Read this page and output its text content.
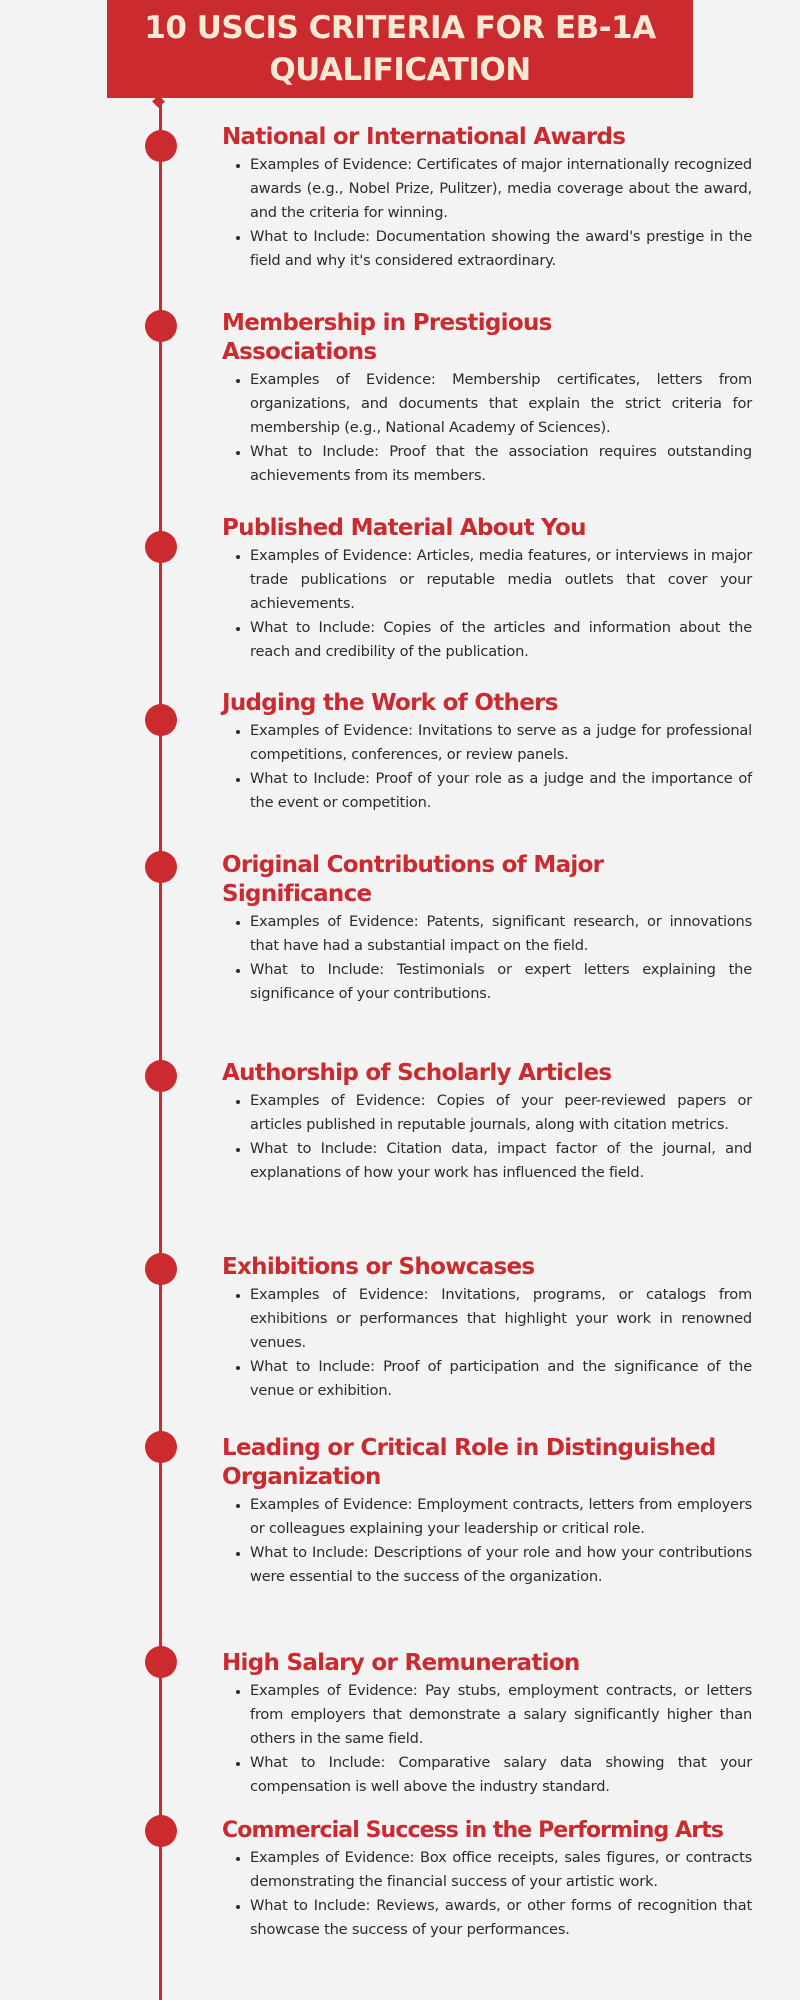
10 USCIS CRITERIA FOR EB-1A QUALIFICATION
National or International Awards
• Examples of Evidence: Certificates of major internationally recognized awards (e.g., Nobel Prize, Pulitzer), media coverage about the award, and the criteria for winning.
• What to Include: Documentation showing the award's prestige in the field and why it's considered extraordinary.
Membership in Prestigious Associations
• Examples of Evidence: Membership certificates, letters from organizations, and documents that explain the strict criteria for membership (e.g., National Academy of Sciences).
• What to Include: Proof that the association requires outstanding achievements from its members.
Published Material About You
• Examples of Evidence: Articles, media features, or interviews in major trade publications or reputable media outlets that cover your achievements.
• What to Include: Copies of the articles and information about the reach and credibility of the publication.
Judging the Work of Others
• Examples of Evidence: Invitations to serve as a judge for professional competitions, conferences, or review panels.
• What to Include: Proof of your role as a judge and the importance of the event or competition.
Original Contributions of Major Significance
• Examples of Evidence: Patents, significant research, or innovations that have had a substantial impact on the field.
• What to Include: Testimonials or expert letters explaining the significance of your contributions.
Authorship of Scholarly Articles
• Examples of Evidence: Copies of your peer-reviewed papers or articles published in reputable journals, along with citation metrics.
• What to Include: Citation data, impact factor of the journal, and explanations of how your work has influenced the field.
Exhibitions or Showcases
• Examples of Evidence: Invitations, programs, or catalogs from exhibitions or performances that highlight your work in renowned venues.
• What to Include: Proof of participation and the significance of the venue or exhibition.
Leading or Critical Role in Distinguished Organization
• Examples of Evidence: Employment contracts, letters from employers or colleagues explaining your leadership or critical role.
• What to Include: Descriptions of your role and how your contributions were essential to the success of the organization.
High Salary or Remuneration
• Examples of Evidence: Pay stubs, employment contracts, or letters from employers that demonstrate a salary significantly higher than others in the same field.
• What to Include: Comparative salary data showing that your compensation is well above the industry standard.
Commercial Success in the Performing Arts
• Examples of Evidence: Box office receipts, sales figures, or contracts demonstrating the financial success of your artistic work.
• What to Include: Reviews, awards, or other forms of recognition that showcase the success of your performances.
